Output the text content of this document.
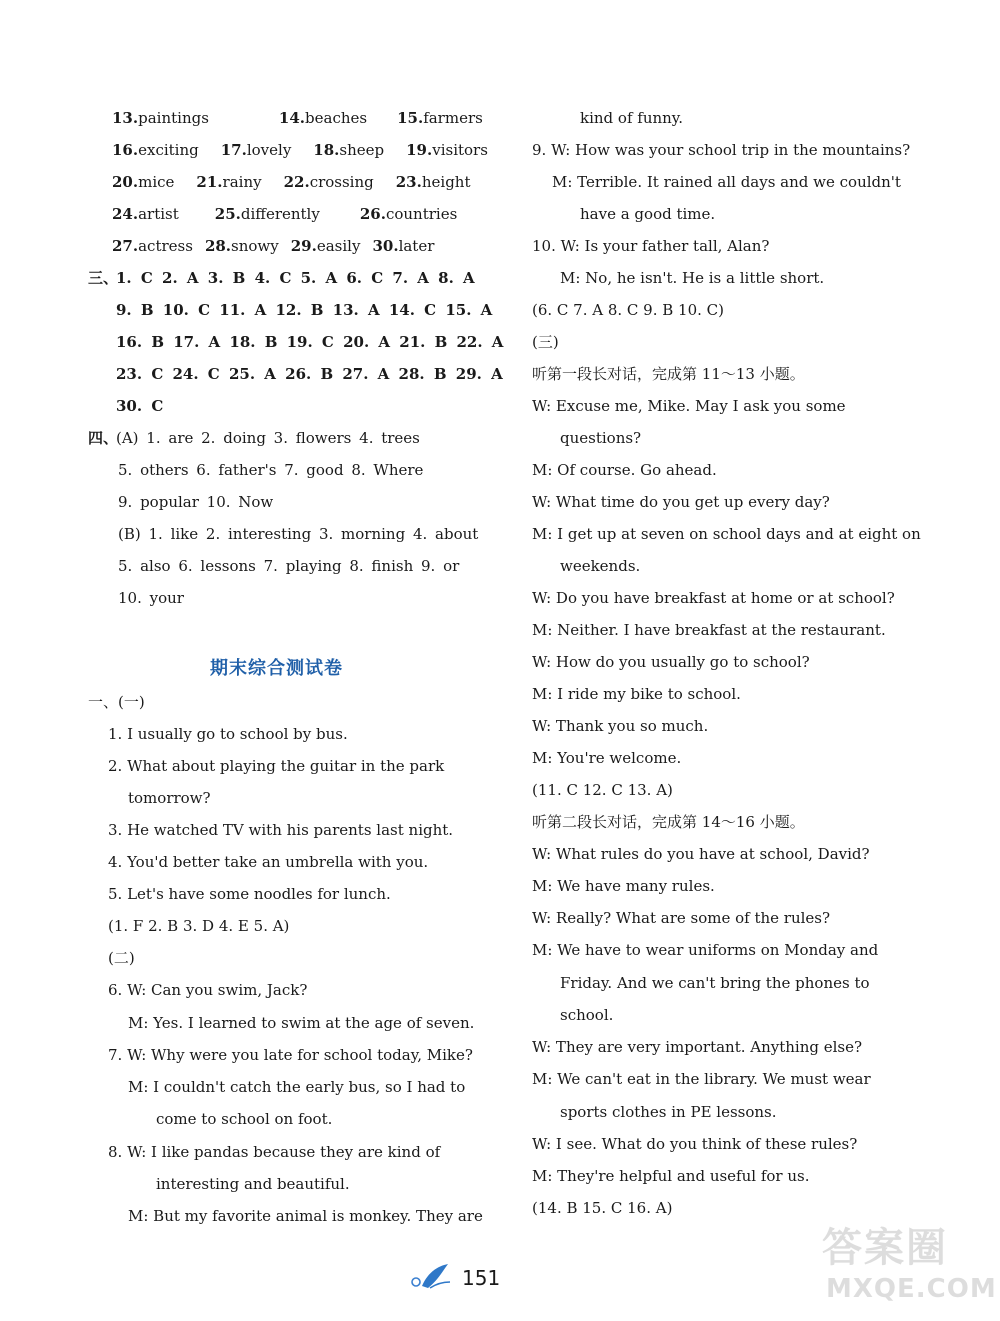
13.paintings	14.beaches15.farmers
16.exciting17.lovely18.sheep19.visitors
20.mice21.rainy22.crossing23.height
24.artist25.differently	26.countries
27.actress28.snowy29.easily30.later
三、
1. C 2. A 3. B 4. C 5. A 6. C 7. A 8. A
9. B 10. C 11. A 12. B 13. A 14. C 15. A
16. B 17. A 18. B 19. C 20. A 21. B 22. A
23. C 24. C 25. A 26. B 27. A 28. B 29. A
30. C
四、
(A) 1. are 2. doing 3. flowers 4. trees
5. others 6. father's 7. good 8. Where
9. popular 10. Now
(B) 1. like 2. interesting 3. morning 4. about
5. also 6. lessons 7. playing 8. finish 9. or
10. your
一、(一)
1. I usually go to school by bus.
2. What about playing the guitar in the park
tomorrow?
3. He watched TV with his parents last night.
4. You'd better take an umbrella with you.
5. Let's have some noodles for lunch.
(1. F 2. B 3. D 4. E 5. A)
(二)
6. W: Can you swim, Jack?
M: Yes. I learned to swim at the age of seven.
7. W: Why were you late for school today, Mike?
M: I couldn't catch the early bus, so I had to
come to school on foot.
8. W: I like pandas because they are kind of
interesting and beautiful.
M: But my favorite animal is monkey. They are
期末综合测试卷
kind of funny.
9. W: How was your school trip in the mountains?
M: Terrible. It rained all days and we couldn't
have a good time.
10. W: Is your father tall, Alan?
M: No, he isn't. He is a little short.
(6. C 7. A 8. C 9. B 10. C)
(三)
听第一段长对话，完成第 11～13 小题。
W: Excuse me, Mike. May I ask you some
questions?
M: Of course. Go ahead.
W: What time do you get up every day?
M: I get up at seven on school days and at eight on
weekends.
W: Do you have breakfast at home or at school?
M: Neither. I have breakfast at the restaurant.
W: How do you usually go to school?
M: I ride my bike to school.
W: Thank you so much.
M: You're welcome.
(11. C 12. C 13. A)
听第二段长对话，完成第 14～16 小题。
W: What rules do you have at school, David?
M: We have many rules.
W: Really? What are some of the rules?
M: We have to wear uniforms on Monday and
Friday. And we can't bring the phones to
school.
W: They are very important. Anything else?
M: We can't eat in the library. We must wear
sports clothes in PE lessons.
W: I see. What do you think of these rules?
M: They're helpful and useful for us.
(14. B 15. C 16. A)
151
答案圈
MXQE.COM
